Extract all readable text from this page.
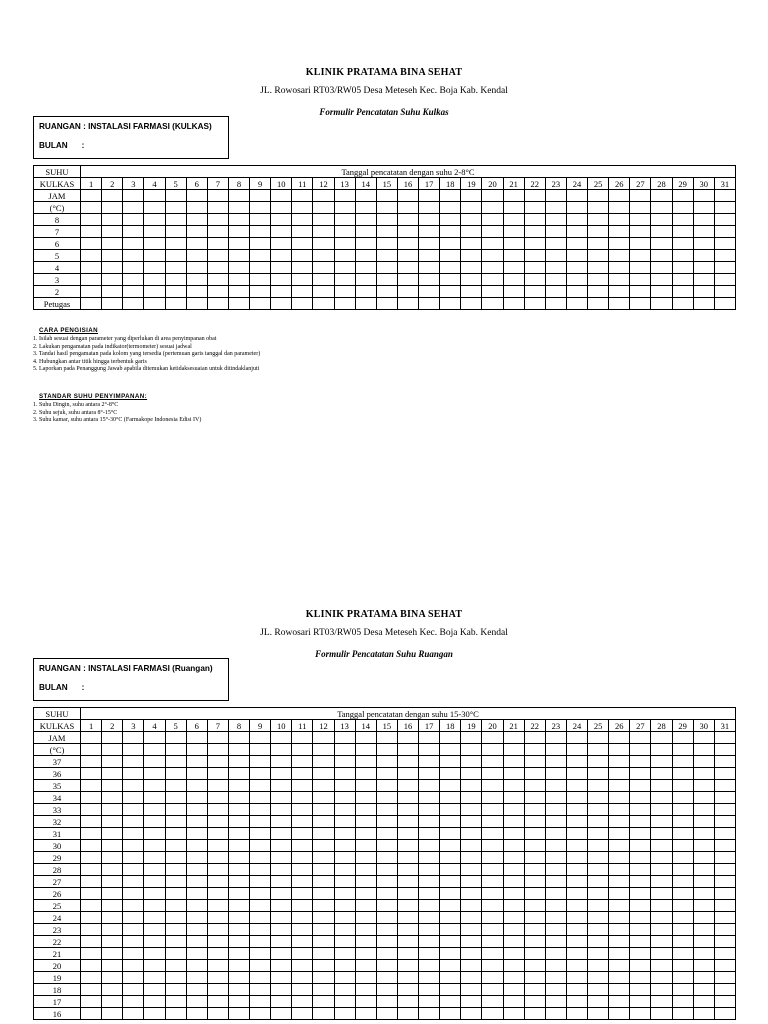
KLINIK PRATAMA BINA SEHAT
JL. Rowosari RT03/RW05 Desa Meteseh Kec. Boja Kab. Kendal
Formulir Pencatatan Suhu Kulkas
RUANGAN : INSTALASI FARMASI (KULKAS)
BULAN :
SUHU	Tanggal pencatatan dengan suhu 2-8°C																														
KULKAS	1	2	3	4	5	6	7	8	9	10	11	12	13	14	15	16	17	18	19	20	21	22	23	24	25	26	27	28	29	30	31
JAM																															
(°C)																															
8																															
7																															
6																															
5																															
4																															
3																															
2																															
Petugas																															
CARA PENGISIAN
1. Isilah sesuai dengan parameter yang diperlukan di area penyimpanan obat
2. Lakukan pengamatan pada indikator(termometer) sesuai jadwal
3. Tandai hasil pengamatan pada kolom yang tersedia (pertemuan garis tanggal dan parameter)
4. Hubungkan antar titik hingga terbentuk garis
5. Laporkan pada Penanggung Jawab apabila ditemukan ketidaksesuaian untuk ditindaklanjuti
STANDAR SUHU PENYIMPANAN:
1. Suhu Dingin, suhu antara 2°-8°C
2. Suhu sejuk, suhu antara 8°-15°C
3. Suhu kamar, suhu antara 15°-30°C (Farmakope Indonesia Edisi IV)
KLINIK PRATAMA BINA SEHAT
JL. Rowosari RT03/RW05 Desa Meteseh Kec. Boja Kab. Kendal
Formulir Pencatatan Suhu Ruangan
RUANGAN : INSTALASI FARMASI (Ruangan)
BULAN :
SUHU	Tanggal pencatatan dengan suhu 15-30°C																														
KULKAS	1	2	3	4	5	6	7	8	9	10	11	12	13	14	15	16	17	18	19	20	21	22	23	24	25	26	27	28	29	30	31
JAM																															
(°C)																															
37																															
36																															
35																															
34																															
33																															
32																															
31																															
30																															
29																															
28																															
27																															
26																															
25																															
24																															
23																															
22																															
21																															
20																															
19																															
18																															
17																															
16																															
